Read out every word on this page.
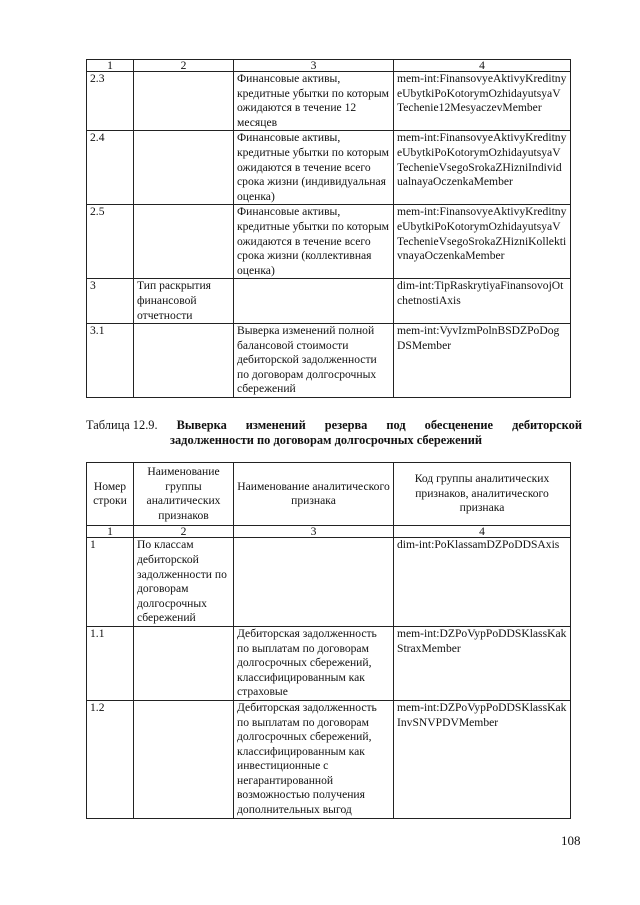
1	2	3	4
2.3		Финансовые активы, кредитные убытки по которым ожидаются в течение 12 месяцев	mem-int:FinansovyeAktivyKreditnyeUbytkiPoKotorymOzhidayutsyaVTechenie12MesyaczevMember
2.4		Финансовые активы, кредитные убытки по которым ожидаются в течение всего срока жизни (индивидуальная оценка)	mem-int:FinansovyeAktivyKreditnyeUbytkiPoKotorymOzhidayutsyaVTechenieVsegoSrokaZHizniIndividualnayaOczenkaMember
2.5		Финансовые активы, кредитные убытки по которым ожидаются в течение всего срока жизни (коллективная оценка)	mem-int:FinansovyeAktivyKreditnyeUbytkiPoKotorymOzhidayutsyaVTechenieVsegoSrokaZHizniKollektivnayaOczenkaMember
3	Тип раскрытия финансовой отчетности		dim-int:TipRaskrytiyaFinansovojOtchetnostiAxis
3.1		Выверка изменений полной балансовой стоимости дебиторской задолженности по договорам долгосрочных сбережений	mem-int:VyvIzmPolnBSDZPoDogDSMember
Таблица 12.9. Выверка изменений резерва под обесценение дебиторской
задолженности по договорам долгосрочных сбережений
Номер строки	Наименование группы аналитических признаков	Наименование аналитического признака	Код группы аналитических признаков, аналитического признака
1	2	3	4
1	По классам дебиторской задолженности по договорам долгосрочных сбережений		dim-int:PoKlassamDZPoDDSAxis
1.1		Дебиторская задолженность по выплатам по договорам долгосрочных сбережений, классифицированным как страховые	mem-int:DZPoVypPoDDSKlassKakStraxMember
1.2		Дебиторская задолженность по выплатам по договорам долгосрочных сбережений, классифицированным как инвестиционные с негарантированной возможностью получения дополнительных выгод	mem-int:DZPoVypPoDDSKlassKakInvSNVPDVMember
108
